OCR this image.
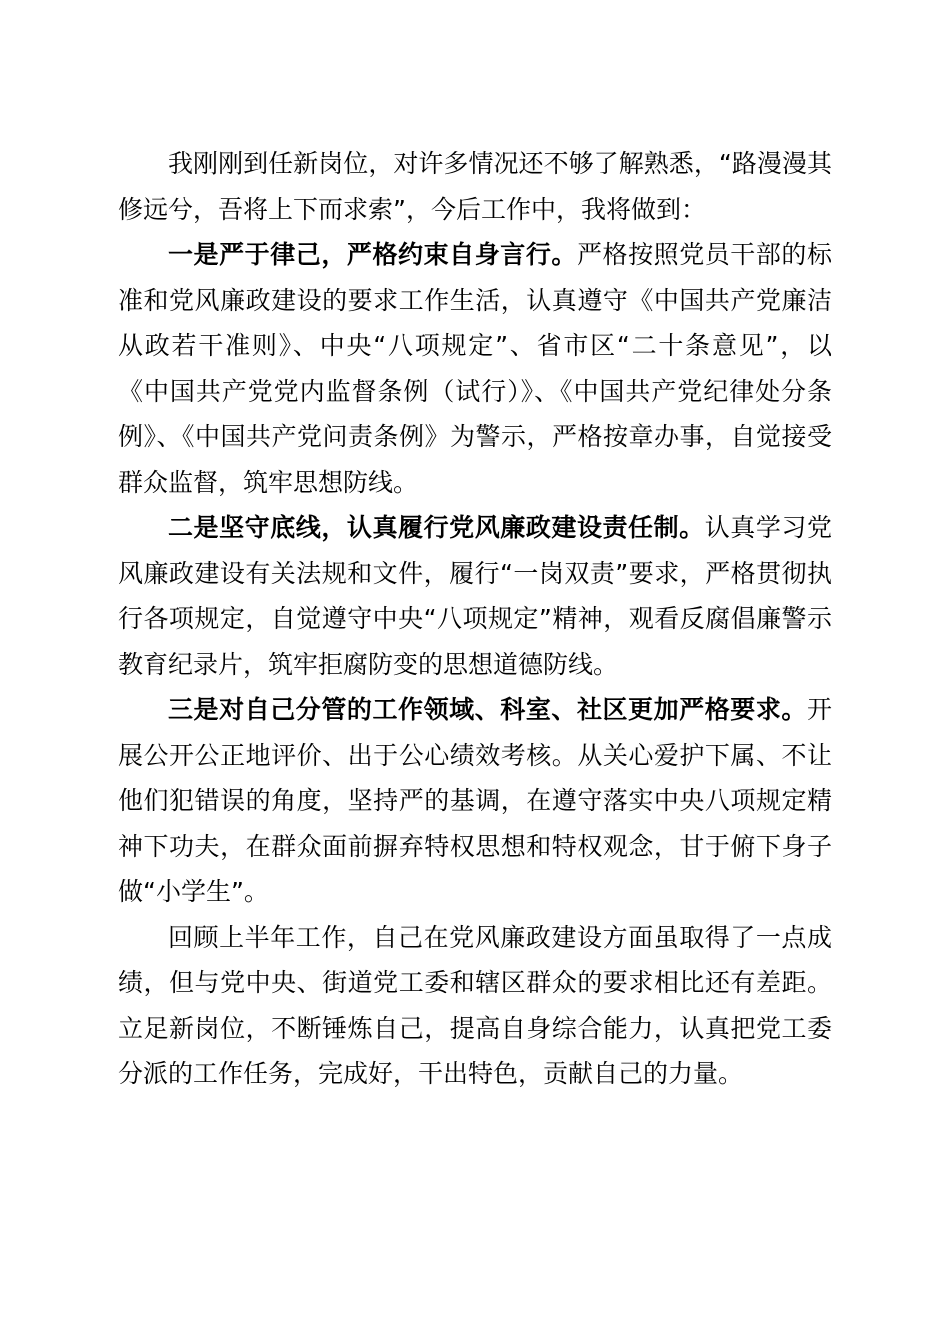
我刚刚到任新岗位，对许多情况还不够了解熟悉，“路漫漫其修远兮，吾将上下而求索”，今后工作中，我将做到：

一是严于律己，严格约束自身言行。严格按照党员干部的标准和党风廉政建设的要求工作生活，认真遵守《中国共产党廉洁从政若干准则》、中央“八项规定”、省市区“二十条意见”，以《中国共产党党内监督条例（试行）》、《中国共产党纪律处分条例》、《中国共产党问责条例》为警示，严格按章办事，自觉接受群众监督，筑牢思想防线。

二是坚守底线，认真履行党风廉政建设责任制。认真学习党风廉政建设有关法规和文件，履行“一岗双责”要求，严格贯彻执行各项规定，自觉遵守中央“八项规定”精神，观看反腐倡廉警示教育纪录片，筑牢拒腐防变的思想道德防线。

三是对自己分管的工作领域、科室、社区更加严格要求。开展公开公正地评价、出于公心绩效考核。从关心爱护下属、不让他们犯错误的角度，坚持严的基调，在遵守落实中央八项规定精神下功夫，在群众面前摒弃特权思想和特权观念，甘于俯下身子做“小学生”。

回顾上半年工作，自己在党风廉政建设方面虽取得了一点成绩，但与党中央、街道党工委和辖区群众的要求相比还有差距。立足新岗位，不断锤炼自己，提高自身综合能力，认真把党工委分派的工作任务，完成好，干出特色，贡献自己的力量。
